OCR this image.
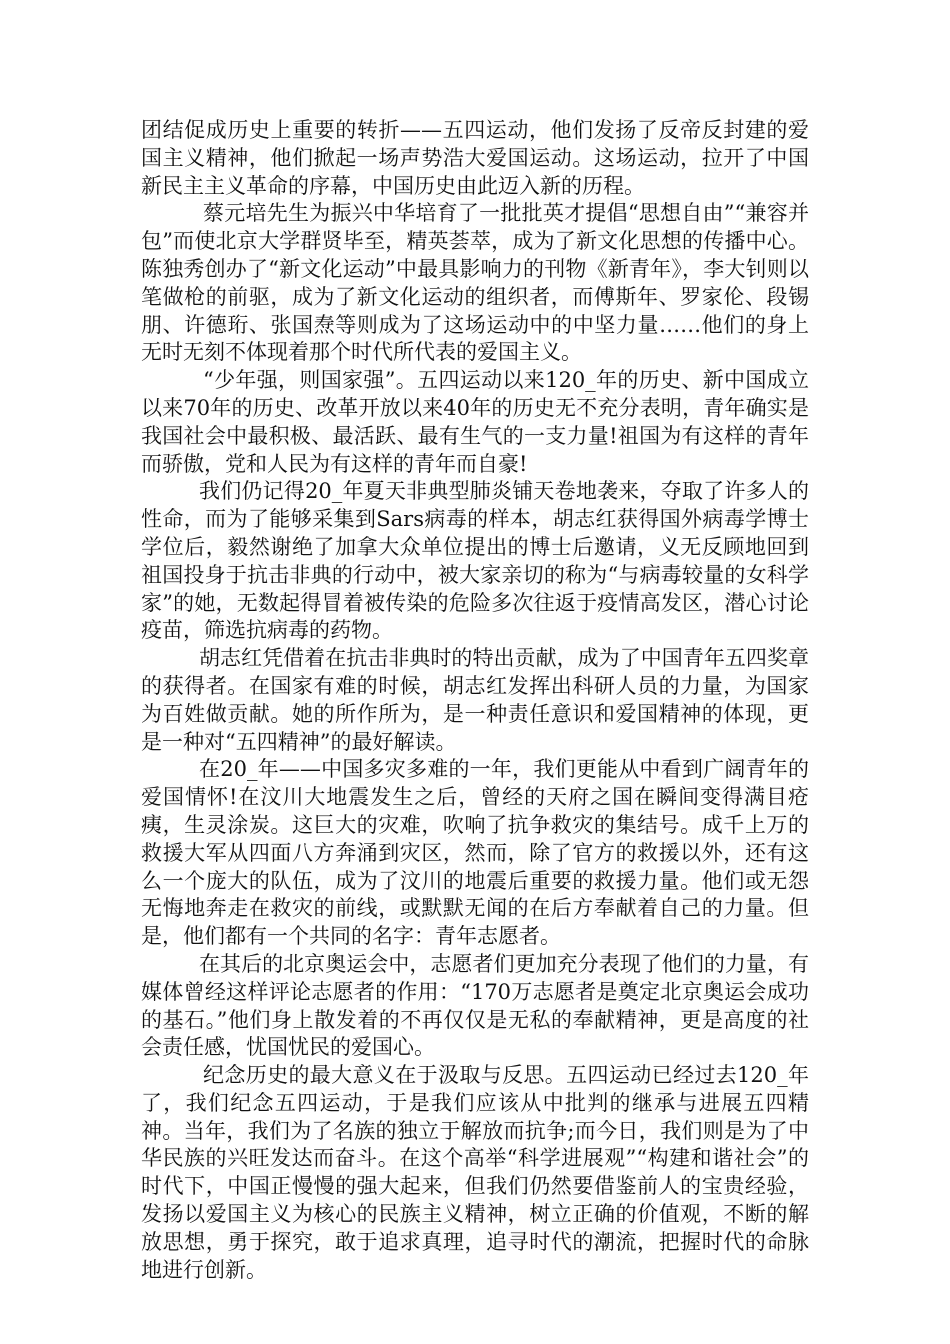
团结促成历史上重要的转折——五四运动，他们发扬了反帝反封建的爱国主义精神，他们掀起一场声势浩大爱国运动。这场运动，拉开了中国新民主主义革命的序幕，中国历史由此迈入新的历程。

蔡元培先生为振兴中华培育了一批批英才提倡“思想自由”“兼容并包”而使北京大学群贤毕至，精英荟萃，成为了新文化思想的传播中心。陈独秀创办了“新文化运动”中最具影响力的刊物《新青年》，李大钊则以笔做枪的前驱，成为了新文化运动的组织者，而傅斯年、罗家伦、段锡朋、许德珩、张国焘等则成为了这场运动中的中坚力量……他们的身上无时无刻不体现着那个时代所代表的爱国主义。

“少年强，则国家强”。五四运动以来120_年的历史、新中国成立以来70年的历史、改革开放以来40年的历史无不充分表明，青年确实是我国社会中最积极、最活跃、最有生气的一支力量!祖国为有这样的青年而骄傲，党和人民为有这样的青年而自豪!

我们仍记得20_年夏天非典型肺炎铺天卷地袭来，夺取了许多人的性命，而为了能够采集到Sars病毒的样本，胡志红获得国外病毒学博士学位后，毅然谢绝了加拿大众单位提出的博士后邀请，义无反顾地回到祖国投身于抗击非典的行动中，被大家亲切的称为“与病毒较量的女科学家”的她，无数起得冒着被传染的危险多次往返于疫情高发区，潜心讨论疫苗，筛选抗病毒的药物。

胡志红凭借着在抗击非典时的特出贡献，成为了中国青年五四奖章的获得者。在国家有难的时候，胡志红发挥出科研人员的力量，为国家为百姓做贡献。她的所作所为，是一种责任意识和爱国精神的体现，更是一种对“五四精神”的最好解读。

在20_年——中国多灾多难的一年，我们更能从中看到广阔青年的爱国情怀!在汶川大地震发生之后，曾经的天府之国在瞬间变得满目疮痍，生灵涂炭。这巨大的灾难，吹响了抗争救灾的集结号。成千上万的救援大军从四面八方奔涌到灾区，然而，除了官方的救援以外，还有这么一个庞大的队伍，成为了汶川的地震后重要的救援力量。他们或无怨无悔地奔走在救灾的前线，或默默无闻的在后方奉献着自己的力量。但是，他们都有一个共同的名字：青年志愿者。

在其后的北京奥运会中，志愿者们更加充分表现了他们的力量，有媒体曾经这样评论志愿者的作用：“170万志愿者是奠定北京奥运会成功的基石。”他们身上散发着的不再仅仅是无私的奉献精神，更是高度的社会责任感，忧国忧民的爱国心。

纪念历史的最大意义在于汲取与反思。五四运动已经过去120_年了，我们纪念五四运动，于是我们应该从中批判的继承与进展五四精神。当年，我们为了名族的独立于解放而抗争;而今日，我们则是为了中华民族的兴旺发达而奋斗。在这个高举“科学进展观”“构建和谐社会”的时代下，中国正慢慢的强大起来，但我们仍然要借鉴前人的宝贵经验，发扬以爱国主义为核心的民族主义精神，树立正确的价值观，不断的解放思想，勇于探究，敢于追求真理，追寻时代的潮流，把握时代的命脉地进行创新。
